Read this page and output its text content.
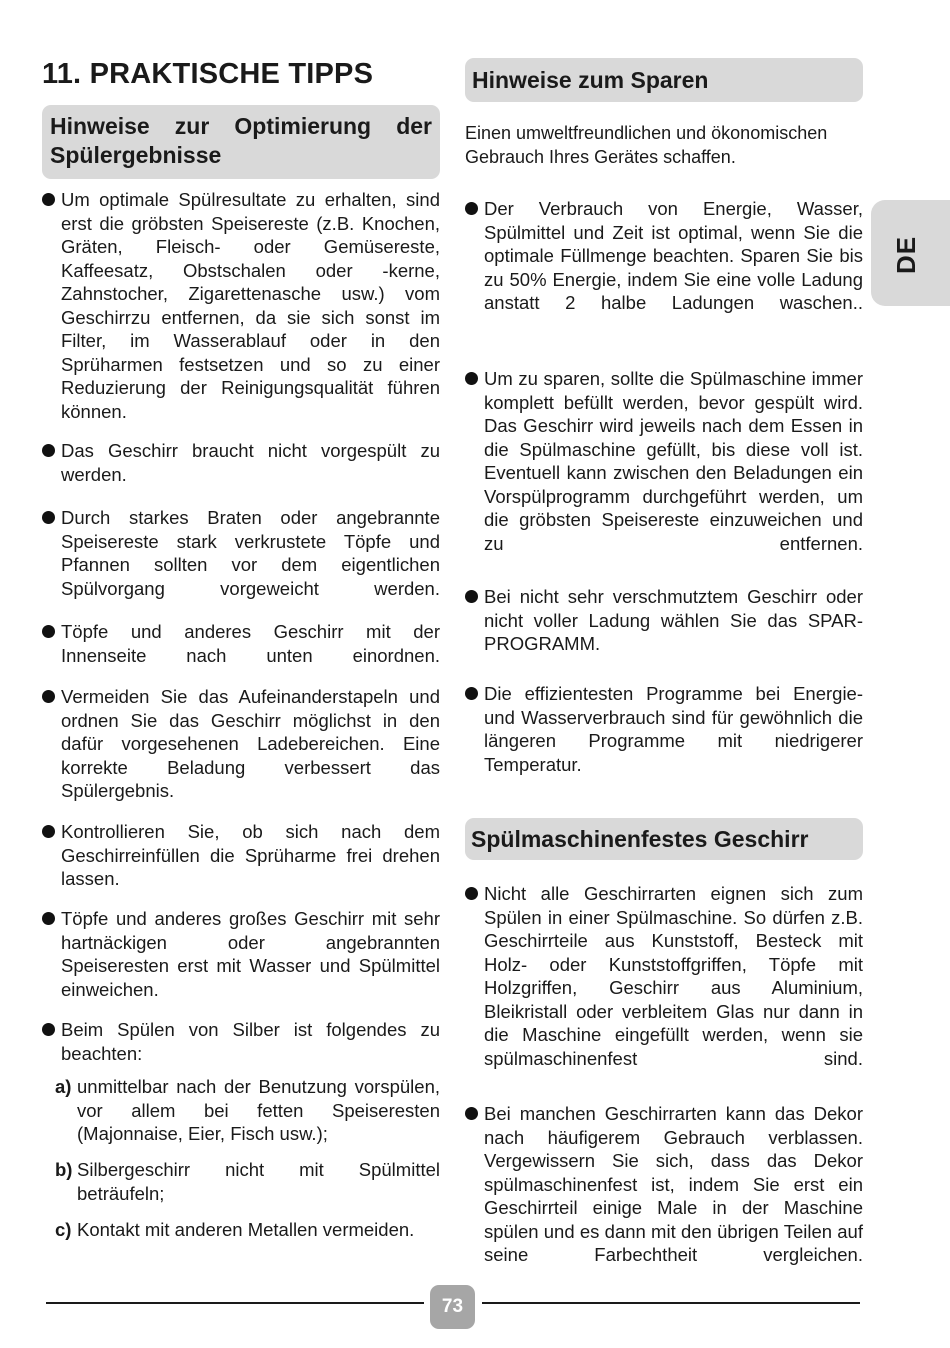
11. PRAKTISCHE TIPPS
Hinweise zur Optimierung der Spülergebnisse
Um optimale Spülresultate zu erhalten, sind erst die gröbsten Speisereste (z.B. Knochen, Gräten, Fleisch- oder Gemüsereste, Kaffeesatz, Obstschalen oder -kerne, Zahnstocher, Zigarettenasche usw.) vom Geschirrzu entfernen, da sie sich sonst im Filter, im Wasserablauf oder in den Sprüharmen festsetzen und so zu einer Reduzierung der Reinigungsqualität führen können.
Das Geschirr braucht nicht vorgespült zu werden.
Durch starkes Braten oder angebrannte Speisereste stark verkrustete Töpfe und Pfannen sollten vor dem eigentlichen Spülvorgang vorgeweicht werden.
Töpfe und anderes Geschirr mit der Innenseite nach unten einordnen.
Vermeiden Sie das Aufeinanderstapeln und ordnen Sie das Geschirr möglichst in den dafür vorgesehenen Ladebereichen. Eine korrekte Beladung verbessert das Spülergebnis.
Kontrollieren Sie, ob sich nach dem Geschirreinfüllen die Sprüharme frei drehen lassen.
Töpfe und anderes großes Geschirr mit sehr hartnäckigen oder angebrannten Speiseresten erst mit Wasser und Spülmittel einweichen.
Beim Spülen von Silber ist folgendes zu beachten:
a) unmittelbar nach der Benutzung vorspülen, vor allem bei fetten Speiseresten (Majonnaise, Eier, Fisch usw.);
b) Silbergeschirr nicht mit Spülmittel beträufeln;
c) Kontakt mit anderen Metallen vermeiden.
Hinweise zum Sparen
Einen umweltfreundlichen und ökonomischen Gebrauch Ihres Gerätes schaffen.
Der Verbrauch von Energie, Wasser, Spülmittel und Zeit ist optimal, wenn Sie die optimale Füllmenge beachten. Sparen Sie bis zu 50% Energie, indem Sie eine volle Ladung anstatt 2 halbe Ladungen waschen..
Um zu sparen, sollte die Spülmaschine immer komplett befüllt werden, bevor gespült wird. Das Geschirr wird jeweils nach dem Essen in die Spülmaschine gefüllt, bis diese voll ist. Eventuell kann zwischen den Beladungen ein Vorspülprogramm durchgeführt werden, um die gröbsten Speisereste einzuweichen und zu entfernen.
Bei nicht sehr verschmutztem Geschirr oder nicht voller Ladung wählen Sie das SPAR-PROGRAMM.
Die effizientesten Programme bei Energie- und Wasserverbrauch sind für gewöhnlich die längeren Programme mit niedrigerer Temperatur.
Spülmaschinenfestes Geschirr
Nicht alle Geschirrarten eignen sich zum Spülen in einer Spülmaschine. So dürfen z.B. Geschirrteile aus Kunststoff, Besteck mit Holz- oder Kunststoffgriffen, Töpfe mit Holzgriffen, Geschirr aus Aluminium, Bleikristall oder verbleitem Glas nur dann in die Maschine eingefüllt werden, wenn sie spülmaschinenfest sind.
Bei manchen Geschirrarten kann das Dekor nach häufigerem Gebrauch verblassen. Vergewissern Sie sich, dass das Dekor spülmaschinenfest ist, indem Sie erst ein Geschirrteil einige Male in der Maschine spülen und es dann mit den übrigen Teilen auf seine Farbechtheit vergleichen.
DE
73
